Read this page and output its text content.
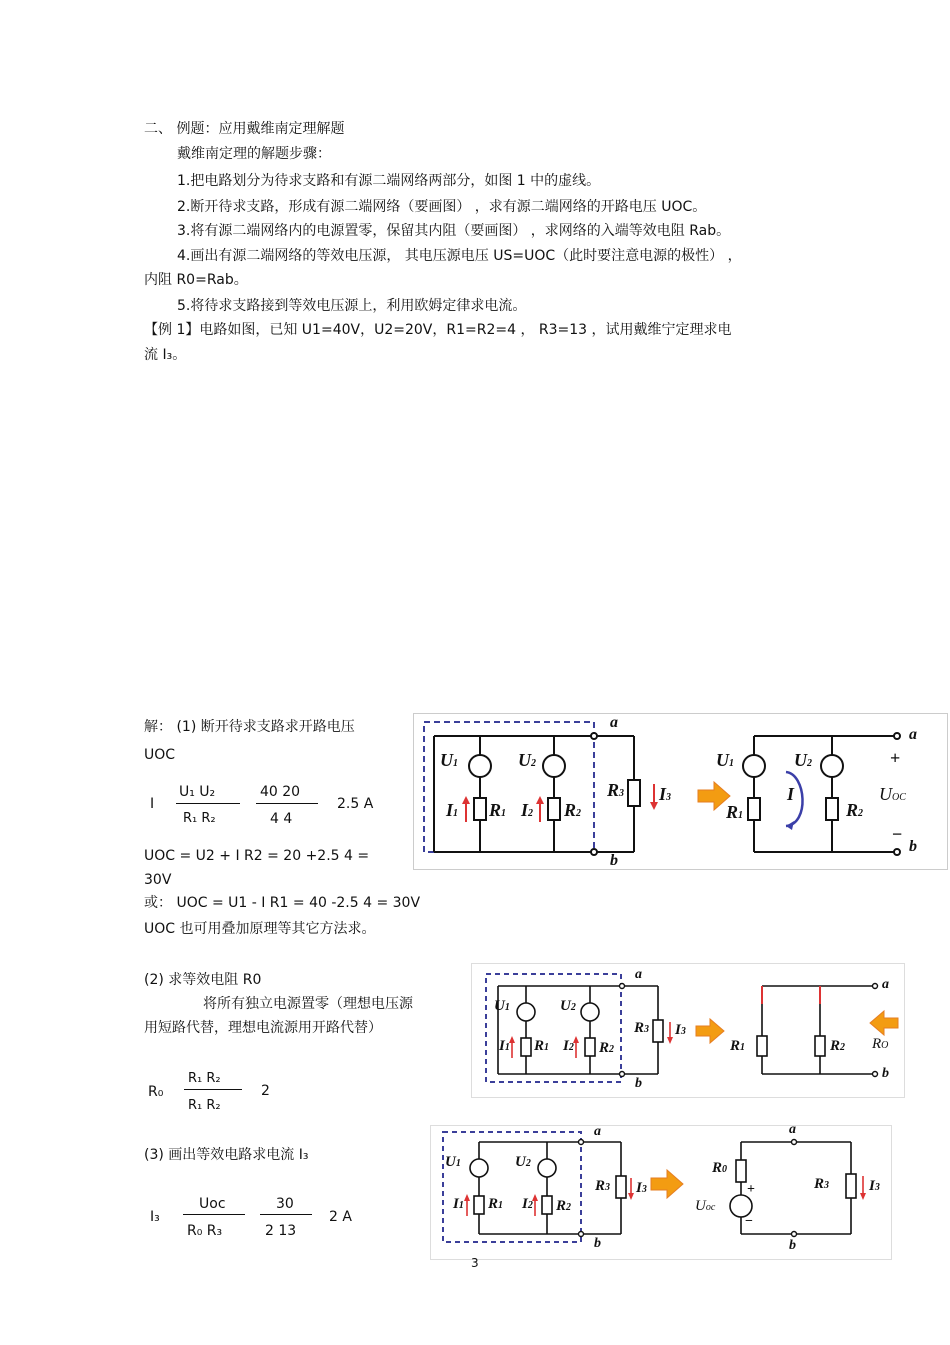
二、 例题：应用戴维南定理解题
戴维南定理的解题步骤：
1.把电路划分为待求支路和有源二端网络两部分，如图 1 中的虚线。
2.断开待求支路，形成有源二端网络（要画图） ，求有源二端网络的开路电压 UOC。
3.将有源二端网络内的电源置零，保留其内阻（要画图） ，求网络的入端等效电阻 Rab。
4.画出有源二端网络的等效电压源， 其电压源电压 US=UOC（此时要注意电源的极性） ，
内阻 R0=Rab。
5.将待求支路接到等效电压源上，利用欧姆定律求电流。
【例 1】电路如图，已知 U1=40V，U2=20V，R1=R2=4 ， R3=13 ，试用戴维宁定理求电
流 I₃。
解： (1) 断开待求支路求开路电压
UOC
I
U₁ U₂
R₁ R₂
40 20
4 4
2.5 A
UOC = U2 + I R2 = 20 +2.5 4 =
30V
或： UOC = U1 - I R1 = 40 -2.5 4 = 30V
UOC 也可用叠加原理等其它方法求。
(2) 求等效电阻 R0
将所有独立电源置零（理想电压源
用短路代替，理想电流源用开路代替）
R₀
R₁ R₂
R₁ R₂
2
(3) 画出等效电路求电流 I₃
I₃
Uoc
R₀ R₃
30
2 13
2 A
U1	U2
R1	R2
I1	I2
R3 I3
a
b
U1	U2
R1	R2
I	UOC
+
−
a
b
U1	U2
R1	R2
I1	I2
R3 I3
a
b
R1	R2 RO
a
b
U1	U2
R1	R2
I1	I2
R3 I3
a
b
R0
Uoc
+
−
R3	I3
a
b
3
